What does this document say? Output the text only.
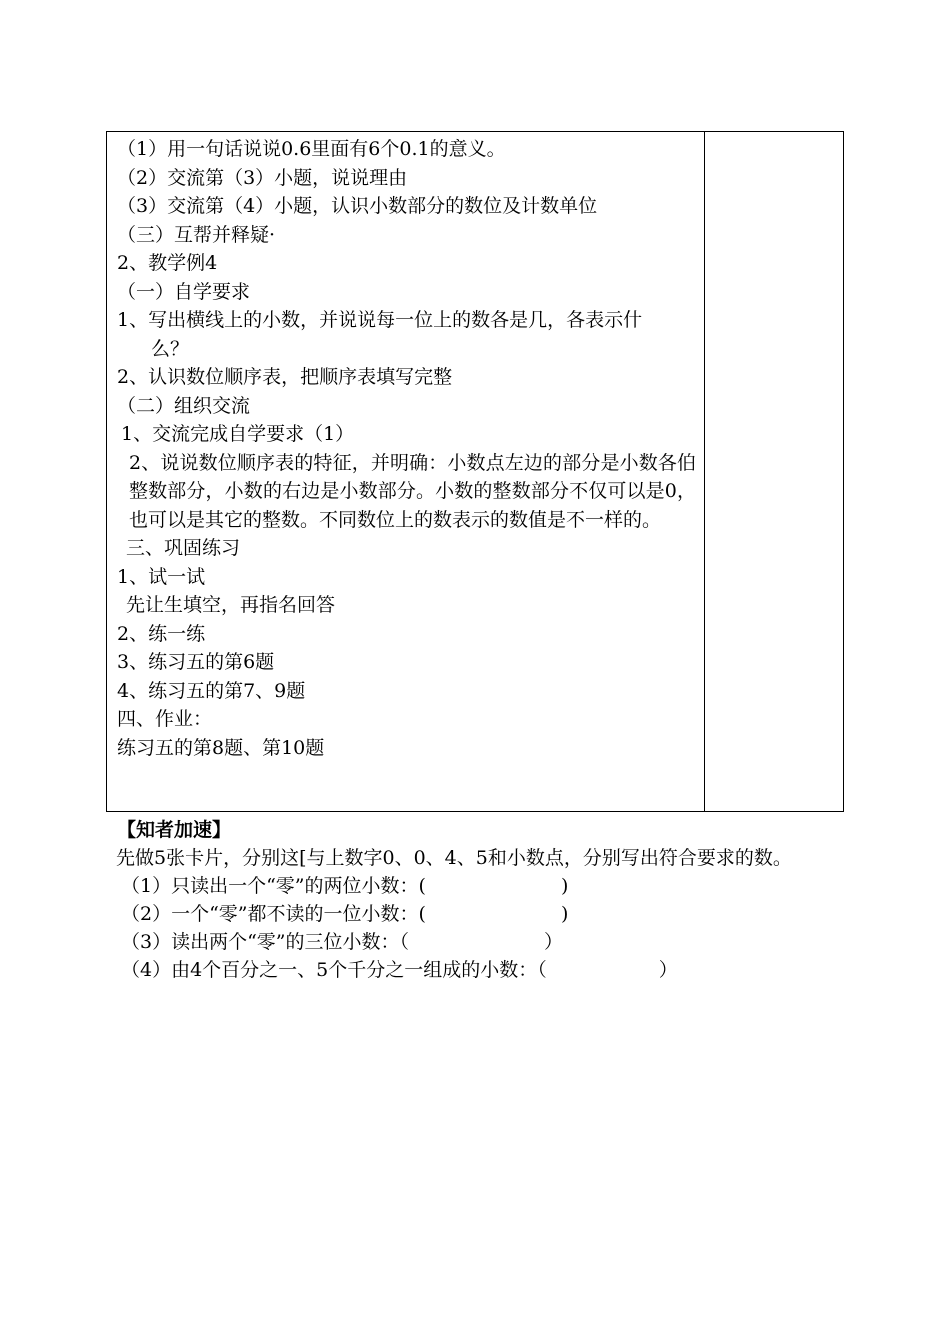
（1）用一句话说说0.6里面有6个0.1的意义。
（2）交流第（3）小题，说说理由
（3）交流第（4）小题，认识小数部分的数位及计数单位
（三）互帮并释疑·
2、教学例4
（一）自学要求
1、写出横线上的小数，并说说每一位上的数各是几，各表示什
么？
2、认识数位顺序表，把顺序表填写完整
（二）组织交流
1、交流完成自学要求（1）
2、说说数位顺序表的特征，并明确：小数点左边的部分是小数各伯整数部分，小数的右边是小数部分。小数的整数部分不仅可以是0，也可以是其它的整数。不同数位上的数表示的数值是不一样的。
三、巩固练习
1、试一试
先让生填空，再指名回答
2、练一练
3、练习五的第6题
4、练习五的第7、9题
四、作业：
练习五的第8题、第10题
【知者加速】
先做5张卡片，分别这[与上数字0、0、4、5和小数点，分别写出符合要求的数。
（1）只读出一个“零”的两位小数：(	)
（2）一个“零”都不读的一位小数：(	)
（3）读出两个“零”的三位小数：（	）
（4）由4个百分之一、5个千分之一组成的小数：（	）
